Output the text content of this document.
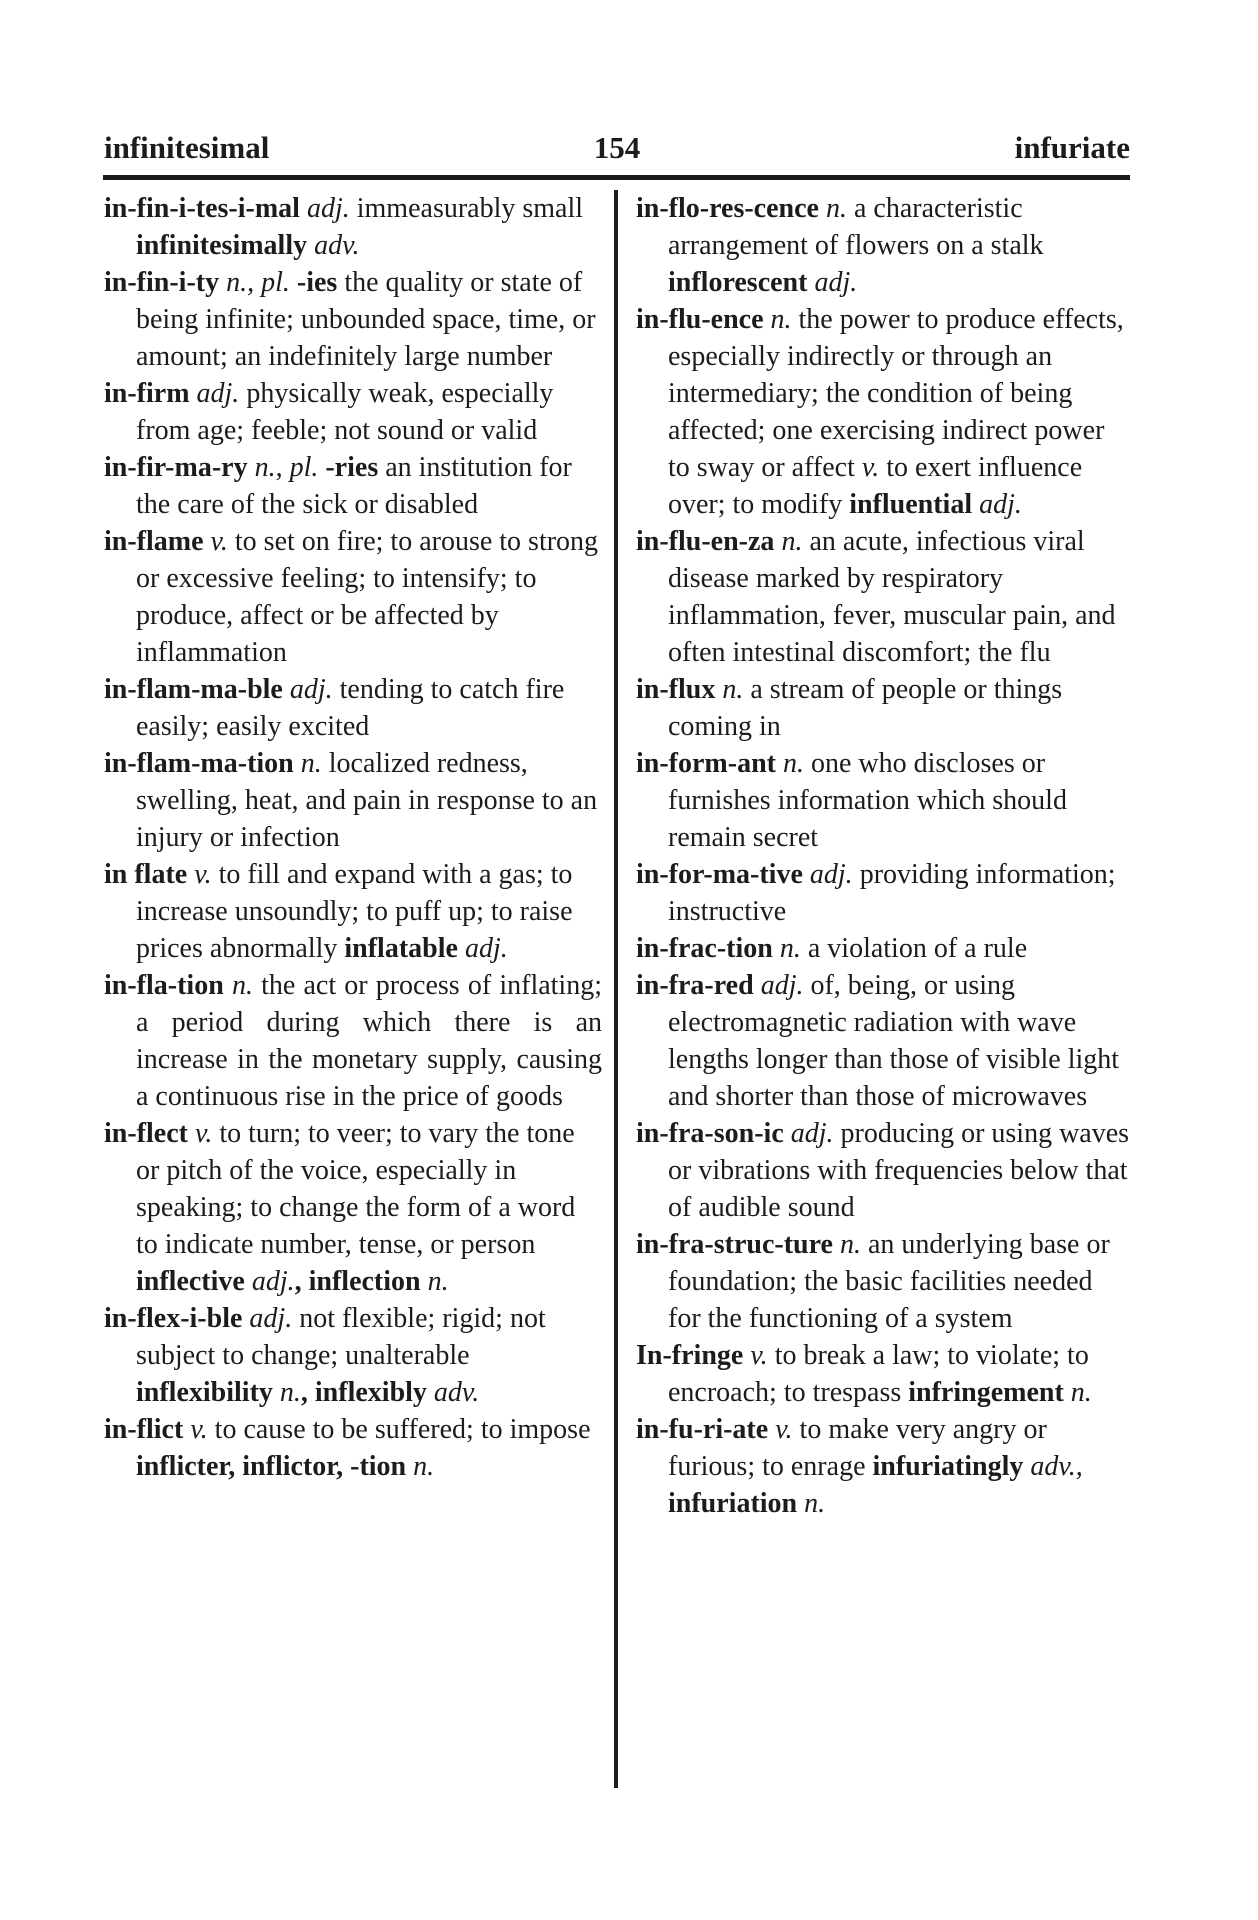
infinitesimal	154	infuriate

in-fin-i-tes-i-mal adj. immeasurably small infinitesimally adv.

in-fin-i-ty n., pl. -ies the quality or state of being infinite; unbounded space, time, or amount; an indefinitely large number

in-firm adj. physically weak, especially from age; feeble; not sound or valid

in-fir-ma-ry n., pl. -ries an institution for the care of the sick or disabled

in-flame v. to set on fire; to arouse to strong or excessive feeling; to intensify; to produce, affect or be affected by inflammation

in-flam-ma-ble adj. tending to catch fire easily; easily excited

in-flam-ma-tion n. localized redness, swelling, heat, and pain in response to an injury or infection

in flate v. to fill and expand with a gas; to increase unsoundly; to puff up; to raise prices abnormally inflatable adj.

in-fla-tion n. the act or process of inflating; a period during which there is an increase in the monetary supply, causing a continuous rise in the price of goods

in-flect v. to turn; to veer; to vary the tone or pitch of the voice, especially in speaking; to change the form of a word to indicate number, tense, or person inflective adj., inflection n.

in-flex-i-ble adj. not flexible; rigid; not subject to change; unalterable inflexibility n., inflexibly adv.

in-flict v. to cause to be suffered; to impose inflicter, inflictor, -tion n.

in-flo-res-cence n. a characteristic arrangement of flowers on a stalk inflorescent adj.

in-flu-ence n. the power to produce effects, especially indirectly or through an intermediary; the condition of being affected; one exercising indirect power to sway or affect v. to exert influence over; to modify influential adj.

in-flu-en-za n. an acute, infectious viral disease marked by respiratory inflammation, fever, muscular pain, and often intestinal discomfort; the flu

in-flux n. a stream of people or things coming in

in-form-ant n. one who discloses or furnishes information which should remain secret

in-for-ma-tive adj. providing information; instructive

in-frac-tion n. a violation of a rule

in-fra-red adj. of, being, or using electromagnetic radiation with wave lengths longer than those of visible light and shorter than those of microwaves

in-fra-son-ic adj. producing or using waves or vibrations with frequencies below that of audible sound

in-fra-struc-ture n. an underlying base or foundation; the basic facilities needed for the functioning of a system

In-fringe v. to break a law; to violate; to encroach; to trespass infringement n.

in-fu-ri-ate v. to make very angry or furious; to enrage infuriatingly adv., infuriation n.
